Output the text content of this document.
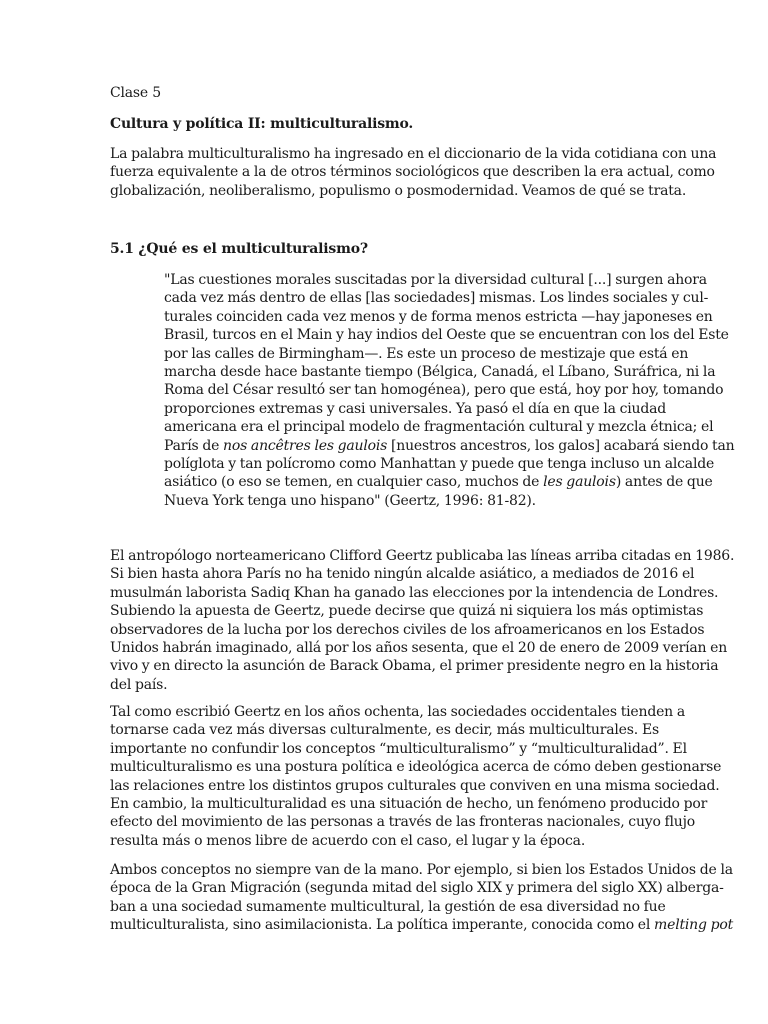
Clase 5
Cultura y política II: multiculturalismo.
La palabra multiculturalismo ha ingresado en el diccionario de la vida cotidiana con una
fuerza equivalente a la de otros términos sociológicos que describen la era actual, como
globalización, neoliberalismo, populismo o posmodernidad. Veamos de qué se trata.
5.1 ¿Qué es el multiculturalismo?
"Las cuestiones morales suscitadas por la diversidad cultural [...] surgen ahora
cada vez más dentro de ellas [las sociedades] mismas. Los lindes sociales y cul-
turales coinciden cada vez menos y de forma menos estricta —hay japoneses en
Brasil, turcos en el Main y hay indios del Oeste que se encuentran con los del Este
por las calles de Birmingham—. Es este un proceso de mestizaje que está en
marcha desde hace bastante tiempo (Bélgica, Canadá, el Líbano, Suráfrica, ni la
Roma del César resultó ser tan homogénea), pero que está, hoy por hoy, tomando
proporciones extremas y casi universales. Ya pasó el día en que la ciudad
americana era el principal modelo de fragmentación cultural y mezcla étnica; el
París de nos ancêtres les gaulois [nuestros ancestros, los galos] acabará siendo tan
políglota y tan polícromo como Manhattan y puede que tenga incluso un alcalde
asiático (o eso se temen, en cualquier caso, muchos de les gaulois) antes de que
Nueva York tenga uno hispano" (Geertz, 1996: 81-82).
El antropólogo norteamericano Clifford Geertz publicaba las líneas arriba citadas en 1986.
Si bien hasta ahora París no ha tenido ningún alcalde asiático, a mediados de 2016 el
musulmán laborista Sadiq Khan ha ganado las elecciones por la intendencia de Londres.
Subiendo la apuesta de Geertz, puede decirse que quizá ni siquiera los más optimistas
observadores de la lucha por los derechos civiles de los afroamericanos en los Estados
Unidos habrán imaginado, allá por los años sesenta, que el 20 de enero de 2009 verían en
vivo y en directo la asunción de Barack Obama, el primer presidente negro en la historia
del país.
Tal como escribió Geertz en los años ochenta, las sociedades occidentales tienden a
tornarse cada vez más diversas culturalmente, es decir, más multiculturales. Es
importante no confundir los conceptos “multiculturalismo” y “multiculturalidad”. El
multiculturalismo es una postura política e ideológica acerca de cómo deben gestionarse
las relaciones entre los distintos grupos culturales que conviven en una misma sociedad.
En cambio, la multiculturalidad es una situación de hecho, un fenómeno producido por
efecto del movimiento de las personas a través de las fronteras nacionales, cuyo flujo
resulta más o menos libre de acuerdo con el caso, el lugar y la época.
Ambos conceptos no siempre van de la mano. Por ejemplo, si bien los Estados Unidos de la
época de la Gran Migración (segunda mitad del siglo XIX y primera del siglo XX) alberga-
ban a una sociedad sumamente multicultural, la gestión de esa diversidad no fue
multiculturalista, sino asimilacionista. La política imperante, conocida como el melting pot
